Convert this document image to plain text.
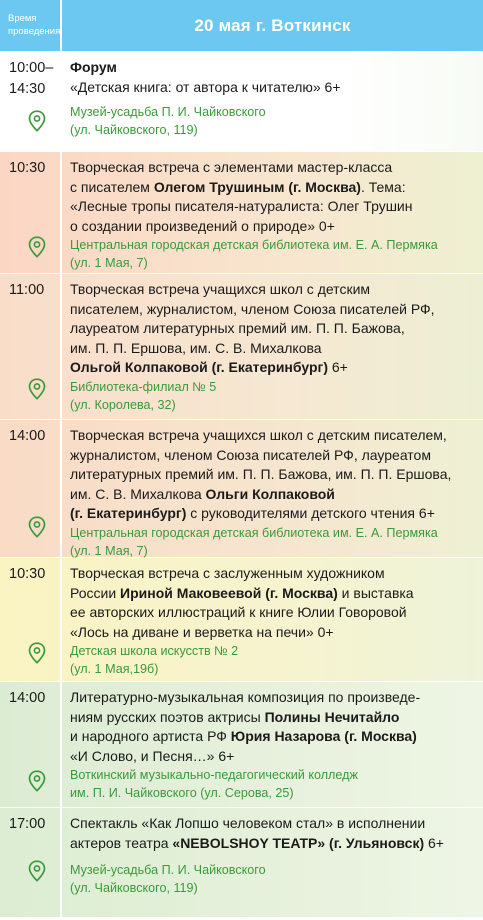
Время
проведения	20 мая г. Воткинск
10:00–
14:30
Форум
«Детская книга: от автора к читателю» 6+
Музей-усадьба П. И. Чайковского
(ул. Чайковского, 119)
10:30 Творческая встреча с элементами мастер-класса
с писателем Олегом Трушиным (г. Москва). Тема:
«Лесные тропы писателя-натуралиста: Олег Трушин
о создании произведений о природе» 0+
Центральная городская детская библиотека им. Е. А. Пермяка
(ул. 1 Мая, 7)
11:00 Творческая встреча учащихся школ с детским
писателем, журналистом, членом Союза писателей РФ,
лауреатом литературных премий им. П. П. Бажова,
им. П. П. Ершова, им. С. В. Михалкова
Ольгой Колпаковой (г. Екатеринбург) 6+
Библиотека-филиал № 5
(ул. Королева, 32)
14:00 Творческая встреча учащихся школ с детским писателем,
журналистом, членом Союза писателей РФ, лауреатом
литературных премий им. П. П. Бажова, им. П. П. Ершова,
им. С. В. Михалкова Ольги Колпаковой
(г. Екатеринбург) с руководителями детского чтения 6+
Центральная городская детская библиотека им. Е. А. Пермяка
(ул. 1 Мая, 7)
10:30 Творческая встреча с заслуженным художником
России Ириной Маковеевой (г. Москва) и выставка
ее авторских иллюстраций к книге Юлии Говоровой
«Лось на диване и верветка на печи» 0+
Детская школа искусств № 2
(ул. 1 Мая,19б)
14:00 Литературно-музыкальная композиция по произведе-
ниям русских поэтов актрисы Полины Нечитайло
и народного артиста РФ Юрия Назарова (г. Москва)
«И Слово, и Песня…» 6+
Воткинский музыкально-педагогический колледж
им. П. И. Чайковского (ул. Серова, 25)
17:00 Спектакль «Как Лопшо человеком стал» в исполнении
актеров театра «NEBOLSHOY TEATP» (г. Ульяновск) 6+
Музей-усадьба П. И. Чайковского
(ул. Чайковского, 119)
